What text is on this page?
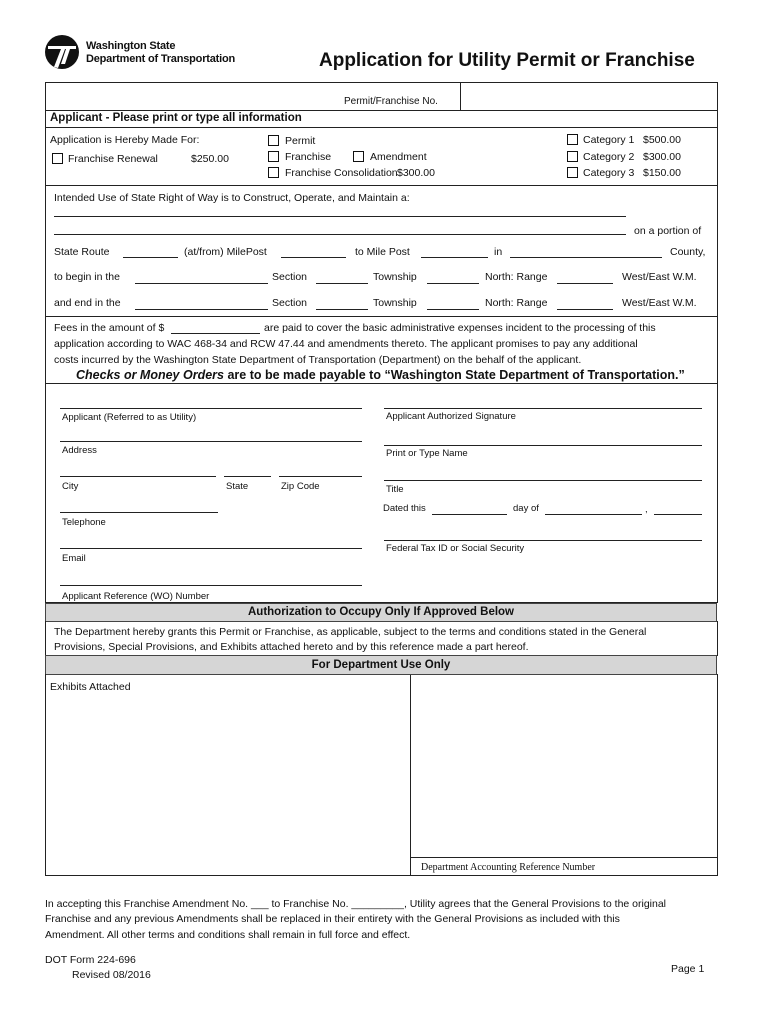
Washington State
Department of Transportation	Application for Utility Permit or Franchise
Permit/Franchise No.
Applicant - Please print or type all information
Application is Hereby Made For:
Franchise Renewal	$250.00
Permit
Franchise	Amendment
Franchise Consolidation $300.00
Category 1 $500.00
Category 2 $300.00
Category 3 $150.00
Intended Use of State Right of Way is to Construct, Operate, and Maintain a:
on a portion of
State Route	(at/from) MilePost	to Mile Post	in	County,
to begin in the	Section	Township	North: Range	West/East W.M.
and end in the	Section	Township	North: Range	West/East W.M.
Fees in the amount of $	are paid to cover the basic administrative expenses incident to the processing of this
application according to WAC 468-34 and RCW 47.44 and amendments thereto. The applicant promises to pay any additional
costs incurred by the Washington State Department of Transportation (Department) on the behalf of the applicant.
Checks or Money Orders are to be made payable to “Washington State Department of Transportation.”
Applicant (Referred to as Utility)
Address
City	State	Zip Code
Telephone
Email
Applicant Reference (WO) Number
Applicant Authorized Signature
Print or Type Name
Title
Dated this	day of	,
Federal Tax ID or Social Security
Authorization to Occupy Only If Approved Below
The Department hereby grants this Permit or Franchise, as applicable, subject to the terms and conditions stated in the General
Provisions, Special Provisions, and Exhibits attached hereto and by this reference made a part hereof.
For Department Use Only
Exhibits Attached
Department Accounting Reference Number
In accepting this Franchise Amendment No. ___ to Franchise No. _________, Utility agrees that the General Provisions to the original
Franchise and any previous Amendments shall be replaced in their entirety with the General Provisions as included with this
Amendment. All other terms and conditions shall remain in full force and effect.
DOT Form 224-696
Revised 08/2016	Page 1
